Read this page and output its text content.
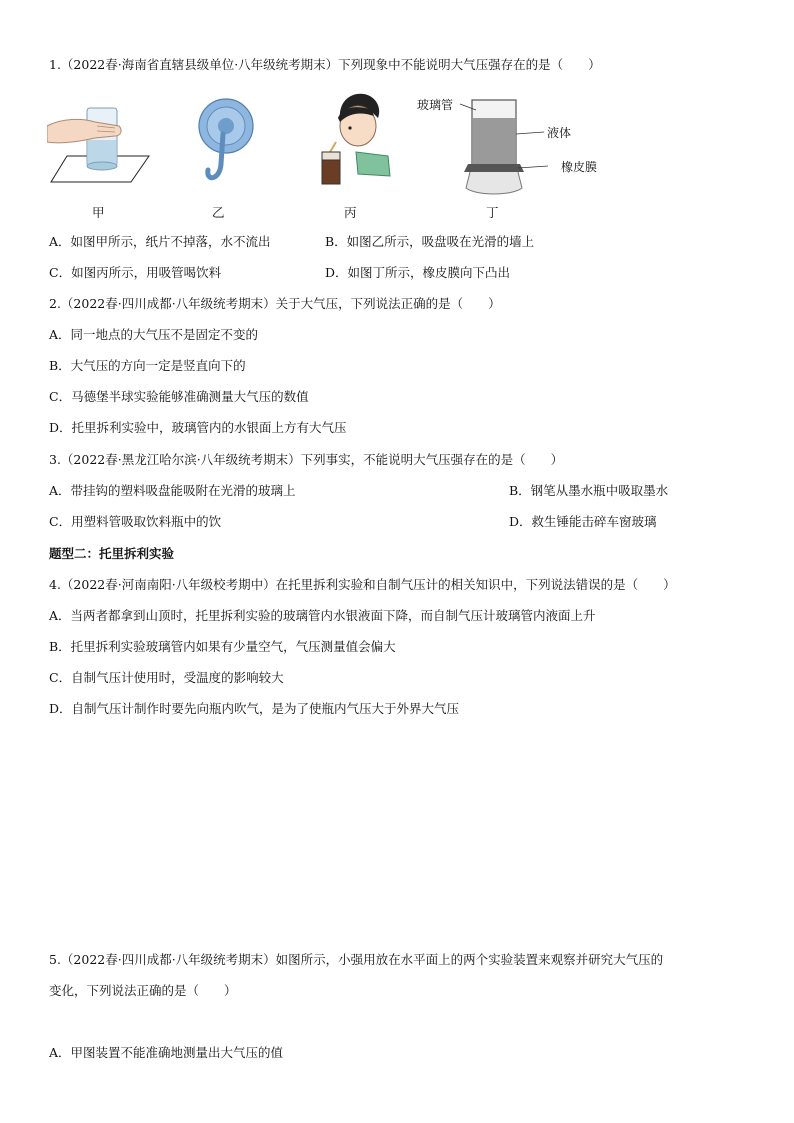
1.（2022春·海南省直辖县级单位·八年级统考期末）下列现象中不能说明大气压强存在的是（　　）
甲	乙	丙
玻璃管
液体
橡皮膜
丁
A．如图甲所示，纸片不掉落，水不流出	B．如图乙所示，吸盘吸在光滑的墙上
C．如图丙所示，用吸管喝饮料	D．如图丁所示，橡皮膜向下凸出
2.（2022春·四川成都·八年级统考期末）关于大气压，下列说法正确的是（　　）
A．同一地点的大气压不是固定不变的
B．大气压的方向一定是竖直向下的
C．马德堡半球实验能够准确测量大气压的数值
D．托里拆利实验中，玻璃管内的水银面上方有大气压
3.（2022春·黑龙江哈尔滨·八年级统考期末）下列事实，不能说明大气压强存在的是（　　）
A．带挂钩的塑料吸盘能吸附在光滑的玻璃上	B．钢笔从墨水瓶中吸取墨水
C．用塑料管吸取饮料瓶中的饮	D．救生锤能击碎车窗玻璃
题型二：托里拆利实验
4.（2022春·河南南阳·八年级校考期中）在托里拆利实验和自制气压计的相关知识中，下列说法错误的是（　　）
A．当两者都拿到山顶时，托里拆利实验的玻璃管内水银液面下降，而自制气压计玻璃管内液面上升
B．托里拆利实验玻璃管内如果有少量空气，气压测量值会偏大
C．自制气压计使用时，受温度的影响较大
D．自制气压计制作时要先向瓶内吹气，是为了使瓶内气压大于外界大气压
5.（2022春·四川成都·八年级统考期末）如图所示，小强用放在水平面上的两个实验装置来观察并研究大气压的
变化，下列说法正确的是（　　）
A．甲图装置不能准确地测量出大气压的值
